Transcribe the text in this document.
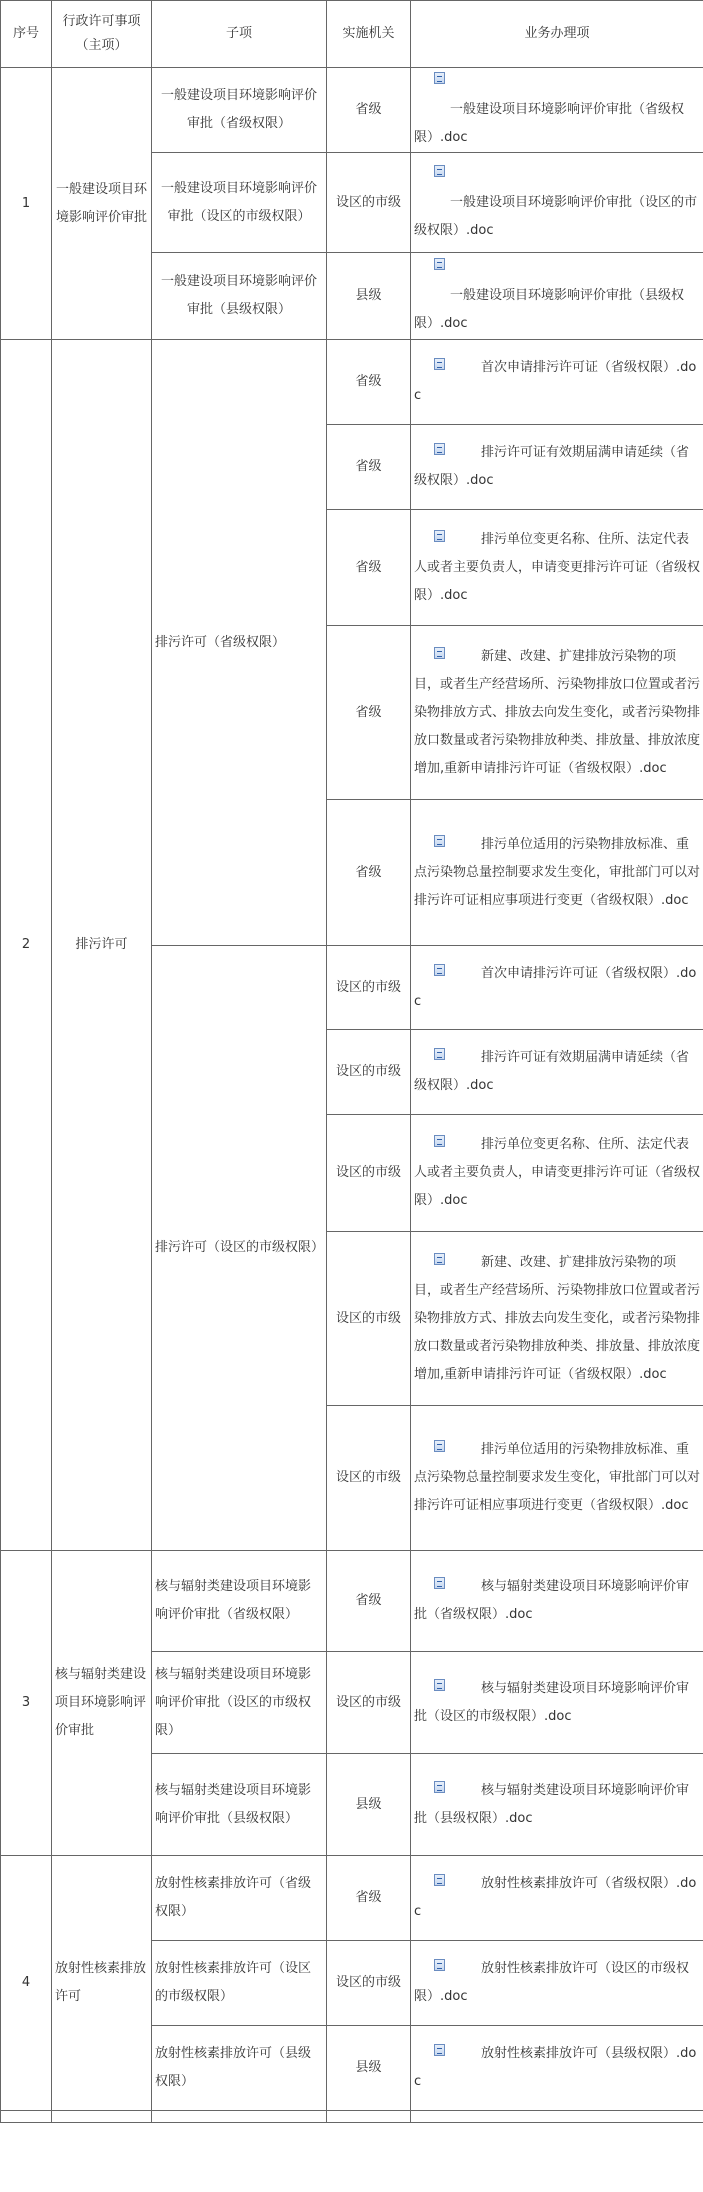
序号	行政许可事项（主项）	子项	实施机关	业务办理项
1	一般建设项目环境影响评价审批	一般建设项目环境影响评价审批（省级权限）	省级	一般建设项目环境影响评价审批（省级权限）.doc
		一般建设项目环境影响评价审批（设区的市级权限）	设区的市级	一般建设项目环境影响评价审批（设区的市级权限）.doc
		一般建设项目环境影响评价审批（县级权限）	县级	一般建设项目环境影响评价审批（县级权限）.doc
2	排污许可	排污许可（省级权限）	省级	首次申请排污许可证（省级权限）.doc
			省级	排污许可证有效期届满申请延续（省级权限）.doc
			省级	排污单位变更名称、住所、法定代表人或者主要负责人，申请变更排污许可证（省级权限）.doc
			省级	新建、改建、扩建排放污染物的项目，或者生产经营场所、污染物排放口位置或者污染物排放方式、排放去向发生变化，或者污染物排放口数量或者污染物排放种类、排放量、排放浓度增加,重新申请排污许可证（省级权限）.doc
			省级	排污单位适用的污染物排放标准、重点污染物总量控制要求发生变化，审批部门可以对排污许可证相应事项进行变更（省级权限）.doc
		排污许可（设区的市级权限）	设区的市级	首次申请排污许可证（省级权限）.doc
			设区的市级	排污许可证有效期届满申请延续（省级权限）.doc
			设区的市级	排污单位变更名称、住所、法定代表人或者主要负责人，申请变更排污许可证（省级权限）.doc
			设区的市级	新建、改建、扩建排放污染物的项目，或者生产经营场所、污染物排放口位置或者污染物排放方式、排放去向发生变化，或者污染物排放口数量或者污染物排放种类、排放量、排放浓度增加,重新申请排污许可证（省级权限）.doc
			设区的市级	排污单位适用的污染物排放标准、重点污染物总量控制要求发生变化，审批部门可以对排污许可证相应事项进行变更（省级权限）.doc
3	核与辐射类建设项目环境影响评价审批	核与辐射类建设项目环境影响评价审批（省级权限）	省级	核与辐射类建设项目环境影响评价审批（省级权限）.doc
		核与辐射类建设项目环境影响评价审批（设区的市级权限）	设区的市级	核与辐射类建设项目环境影响评价审批（设区的市级权限）.doc
		核与辐射类建设项目环境影响评价审批（县级权限）	县级	核与辐射类建设项目环境影响评价审批（县级权限）.doc
4	放射性核素排放许可	放射性核素排放许可（省级权限）	省级	放射性核素排放许可（省级权限）.doc
		放射性核素排放许可（设区的市级权限）	设区的市级	放射性核素排放许可（设区的市级权限）.doc
		放射性核素排放许可（县级权限）	县级	放射性核素排放许可（县级权限）.doc
